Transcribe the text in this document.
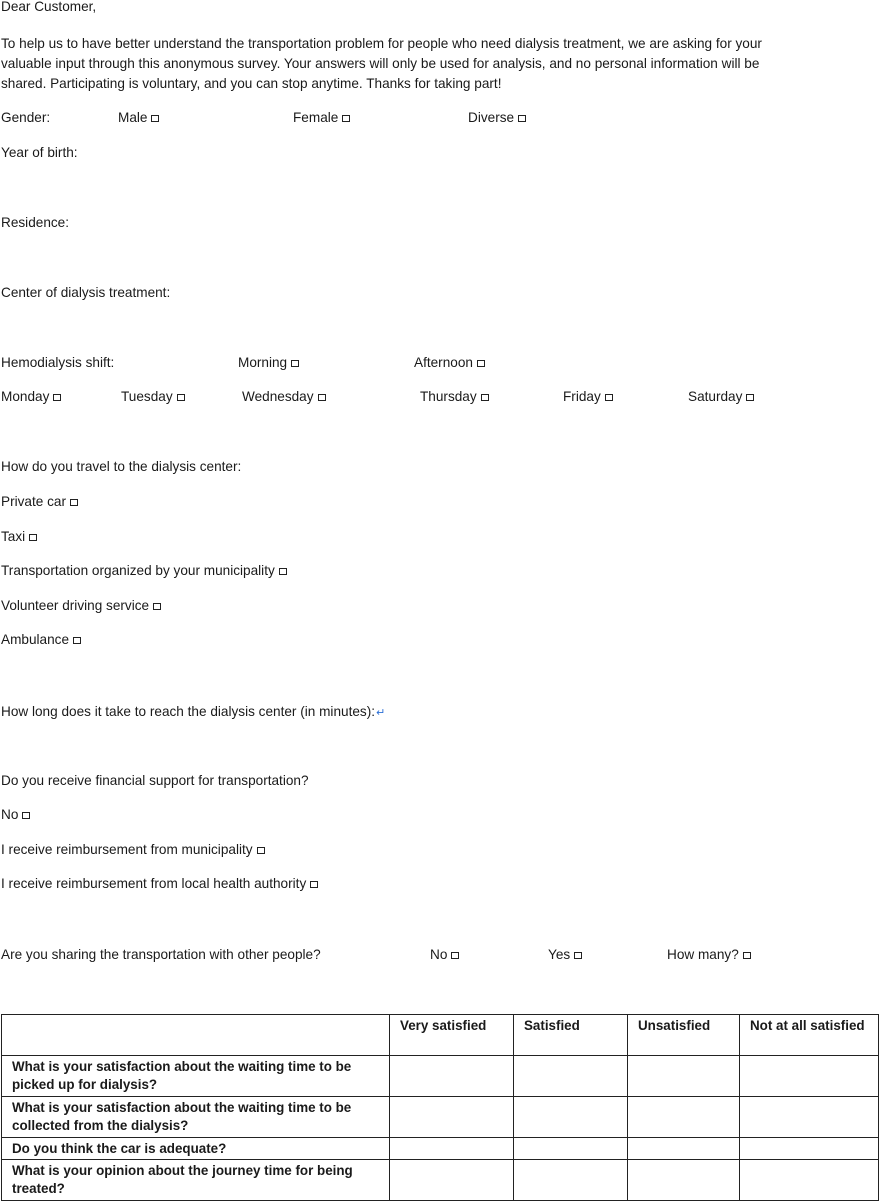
Dear Customer,
To help us to have better understand the transportation problem for people who need dialysis treatment, we are asking for your
valuable input through this anonymous survey. Your answers will only be used for analysis, and no personal information will be
shared. Participating is voluntary, and you can stop anytime. Thanks for taking part!
Gender:	Male	Female	Diverse
Year of birth:
Residence:
Center of dialysis treatment:
Hemodialysis shift:	Morning	Afternoon
Monday	Tuesday	Wednesday	Thursday	Friday	Saturday
How do you travel to the dialysis center:
Private car
Taxi
Transportation organized by your municipality
Volunteer driving service
Ambulance
How long does it take to reach the dialysis center (in minutes):↵
Do you receive financial support for transportation?
No
I receive reimbursement from municipality
I receive reimbursement from local health authority
Are you sharing the transportation with other people?	No	Yes	How many?
	Very satisfied	Satisfied	Unsatisfied	Not at all satisfied
What is your satisfaction about the waiting time to be picked up for dialysis?				
What is your satisfaction about the waiting time to be collected from the dialysis?				
Do you think the car is adequate?				
What is your opinion about the journey time for being treated?				
